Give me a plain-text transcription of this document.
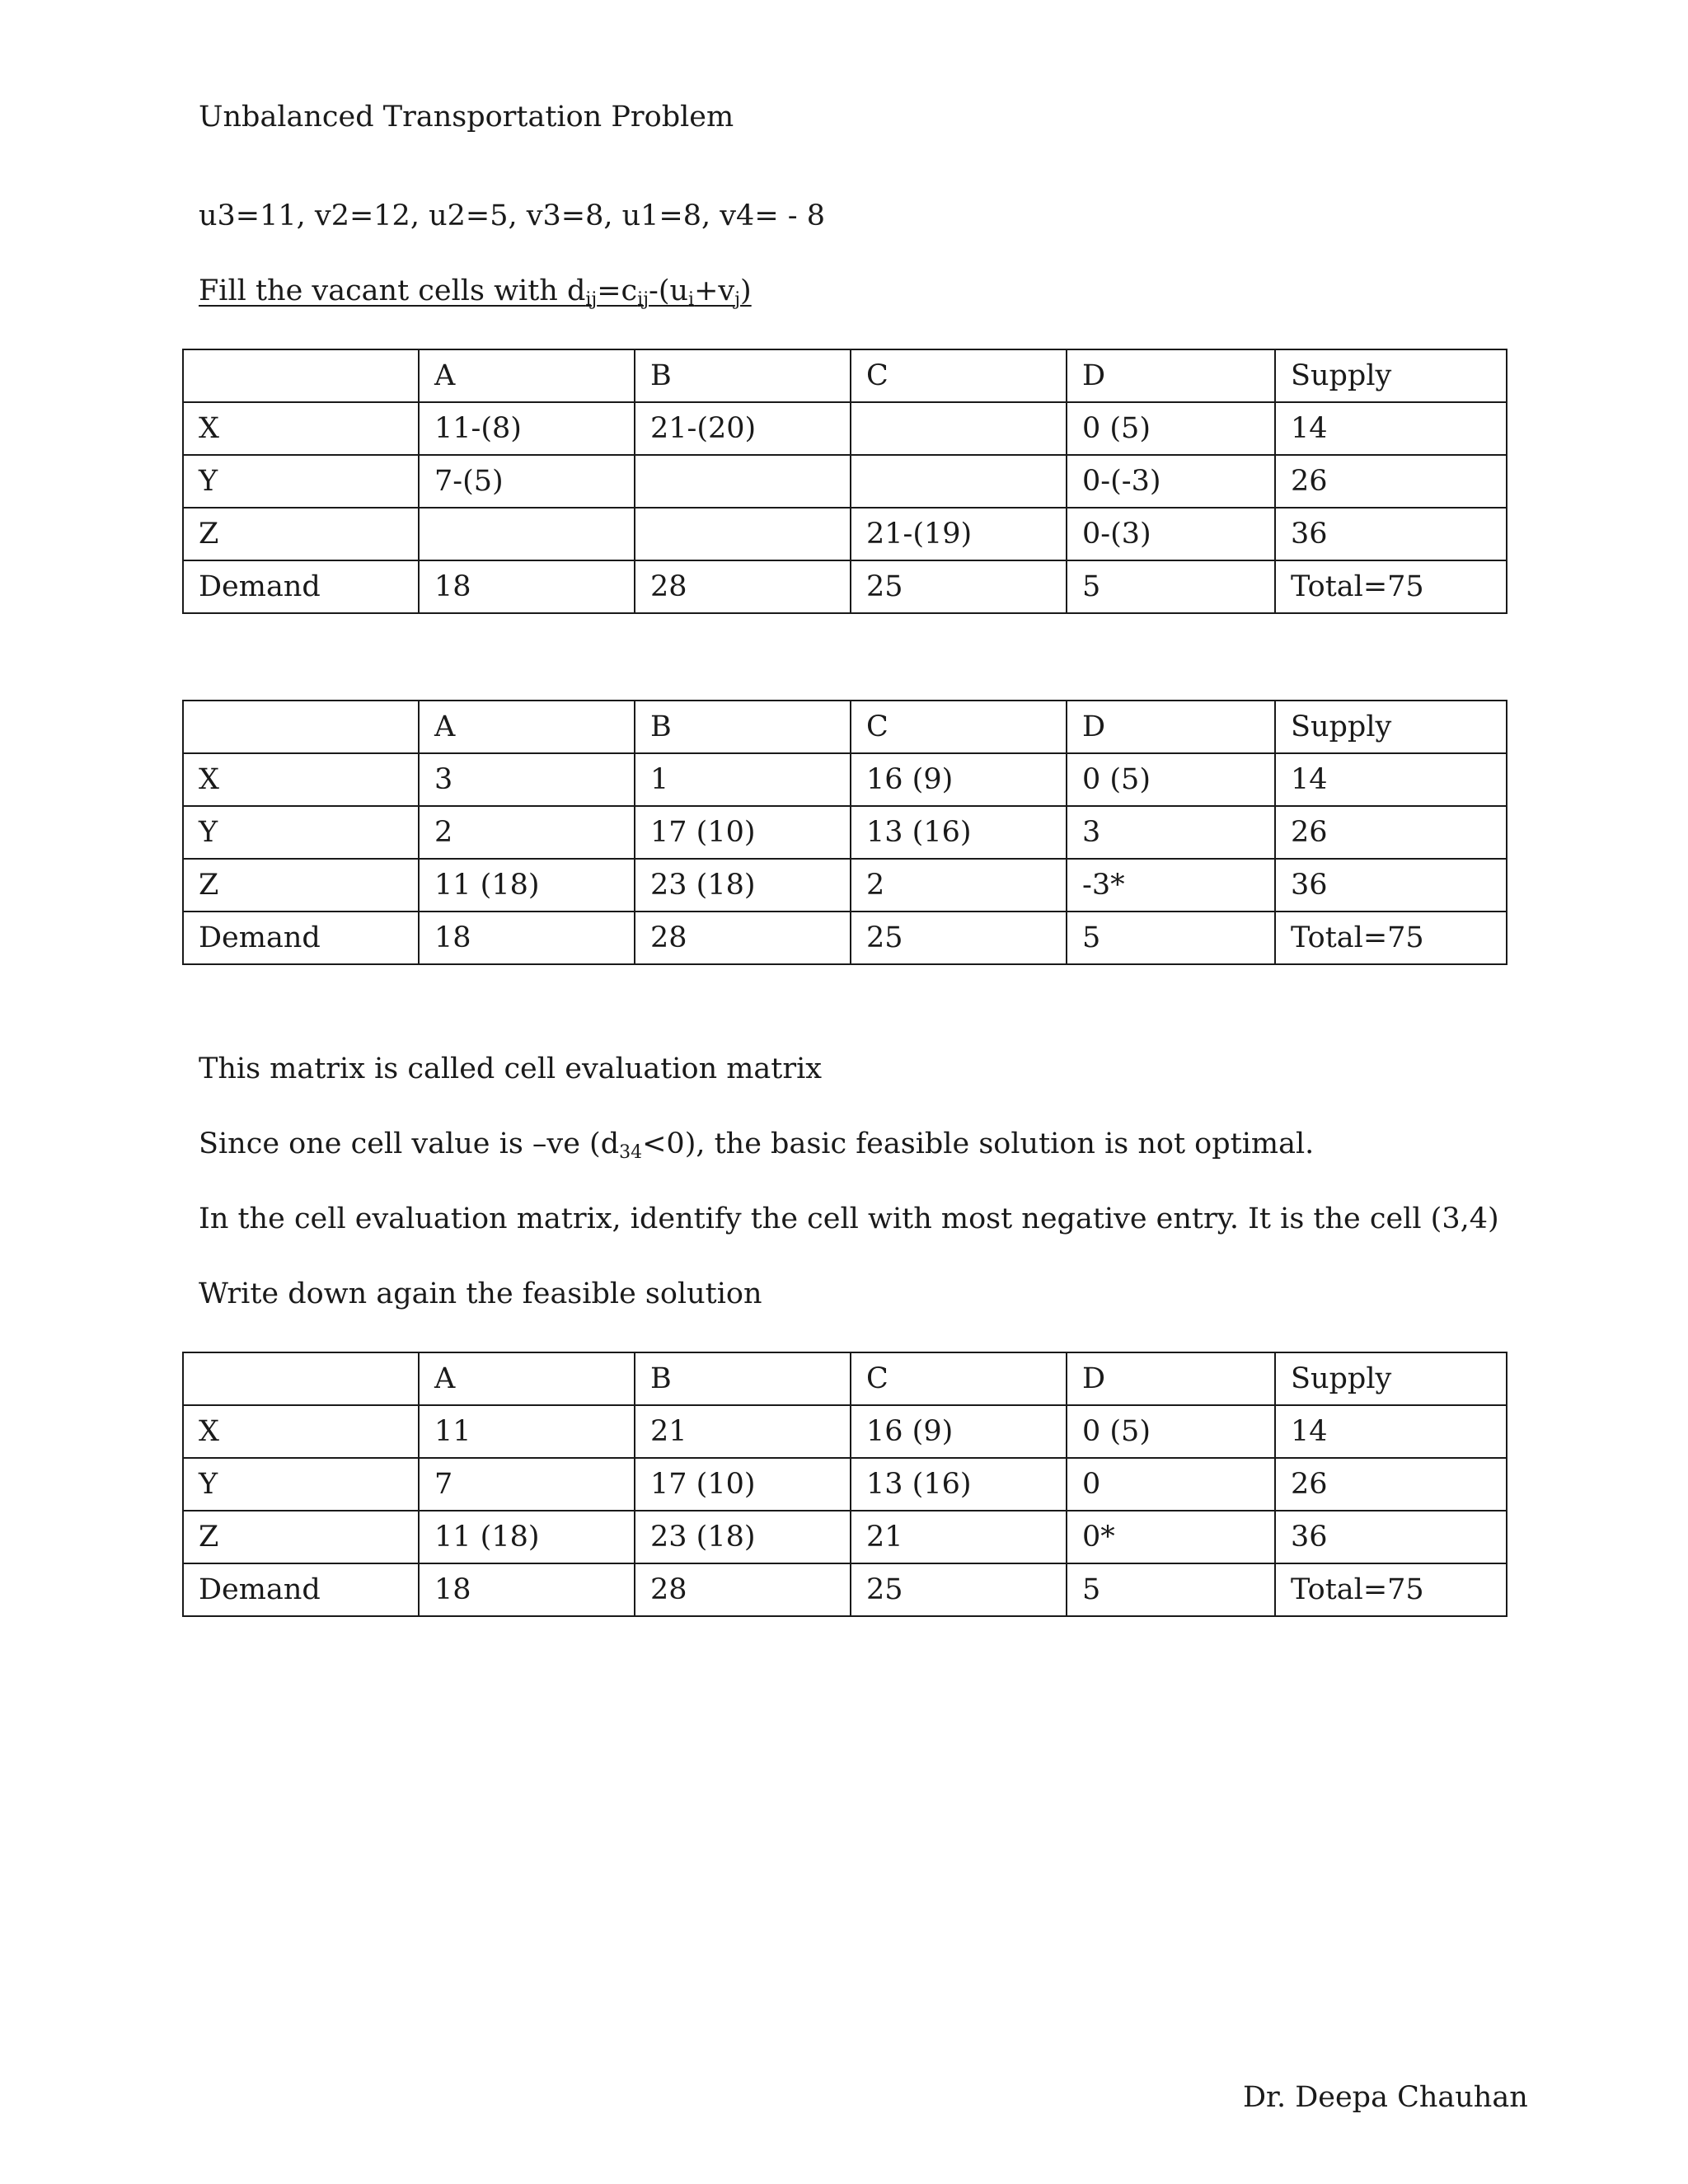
Unbalanced Transportation Problem

u3=11, v2=12, u2=5, v3=8, u1=8, v4= - 8

Fill the vacant cells with $d_{ij}=c_{ij}-(u_i+v_j)$

	A	B	C	D	Supply
X	11-(8)	21-(20)		0 (5)	14
Y	7-(5)			0-(-3)	26
Z			21-(19)	0-(3)	36
Demand	18	28	25	5	Total=75
	A	B	C	D	Supply
X	3	1	16 (9)	0 (5)	14
Y	2	17 (10)	13 (16)	3	26
Z	11 (18)	23 (18)	2	-3*	36
Demand	18	28	25	5	Total=75

This matrix is called cell evaluation matrix

Since one cell value is –ve $(d_{34}<0)$, the basic feasible solution is not optimal.

In the cell evaluation matrix, identify the cell with most negative entry. It is the cell (3,4)

Write down again the feasible solution

	A	B	C	D	Supply
X	11	21	16 (9)	0 (5)	14
Y	7	17 (10)	13 (16)	0	26
Z	11 (18)	23 (18)	21	0*	36
Demand	18	28	25	5	Total=75

Dr. Deepa Chauhan
